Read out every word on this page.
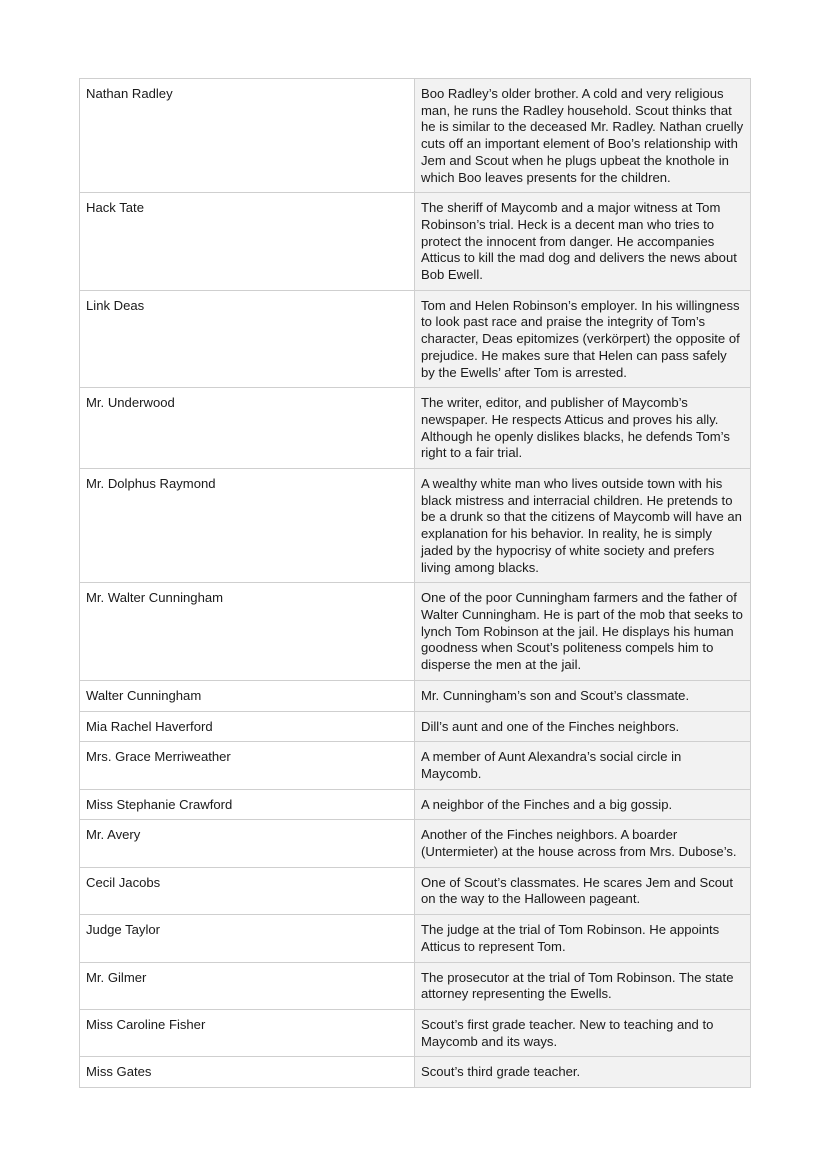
Nathan Radley	Boo Radley’s older brother. A cold and very religious man, he runs the Radley household. Scout thinks that he is similar to the deceased Mr. Radley. Nathan cruelly cuts off an important element of Boo’s relationship with Jem and Scout when he plugs upbeat the knothole in which Boo leaves presents for the children.
Hack Tate	The sheriff of Maycomb and a major witness at Tom Robinson’s trial. Heck is a decent man who tries to protect the innocent from danger. He accompanies Atticus to kill the mad dog and delivers the news about Bob Ewell.
Link Deas	Tom and Helen Robinson’s employer. In his willingness to look past race and praise the integrity of Tom’s character, Deas epitomizes (verkörpert) the opposite of prejudice. He makes sure that Helen can pass safely by the Ewells’ after Tom is arrested.
Mr. Underwood	The writer, editor, and publisher of Maycomb’s newspaper. He respects Atticus and proves his ally. Although he openly dislikes blacks, he defends Tom’s right to a fair trial.
Mr. Dolphus Raymond	A wealthy white man who lives outside town with his black mistress and interracial children. He pretends to be a drunk so that the citizens of Maycomb will have an explanation for his behavior. In reality, he is simply jaded by the hypocrisy of white society and prefers living among blacks.
Mr. Walter Cunningham	One of the poor Cunningham farmers and the father of Walter Cunningham. He is part of the mob that seeks to lynch Tom Robinson at the jail. He displays his human goodness when Scout’s politeness compels him to disperse the men at the jail.
Walter Cunningham	Mr. Cunningham’s son and Scout’s classmate.
Mia Rachel Haverford	Dill’s aunt and one of the Finches neighbors.
Mrs. Grace Merriweather	A member of Aunt Alexandra’s social circle in Maycomb.
Miss Stephanie Crawford	A neighbor of the Finches and a big gossip.
Mr. Avery	Another of the Finches neighbors. A boarder (Untermieter) at the house across from Mrs. Dubose’s.
Cecil Jacobs	One of Scout’s classmates. He scares Jem and Scout on the way to the Halloween pageant.
Judge Taylor	The judge at the trial of Tom Robinson. He appoints Atticus to represent Tom.
Mr. Gilmer	The prosecutor at the trial of Tom Robinson. The state attorney representing the Ewells.
Miss Caroline Fisher	Scout’s first grade teacher. New to teaching and to Maycomb and its ways.
Miss Gates	Scout’s third grade teacher.
